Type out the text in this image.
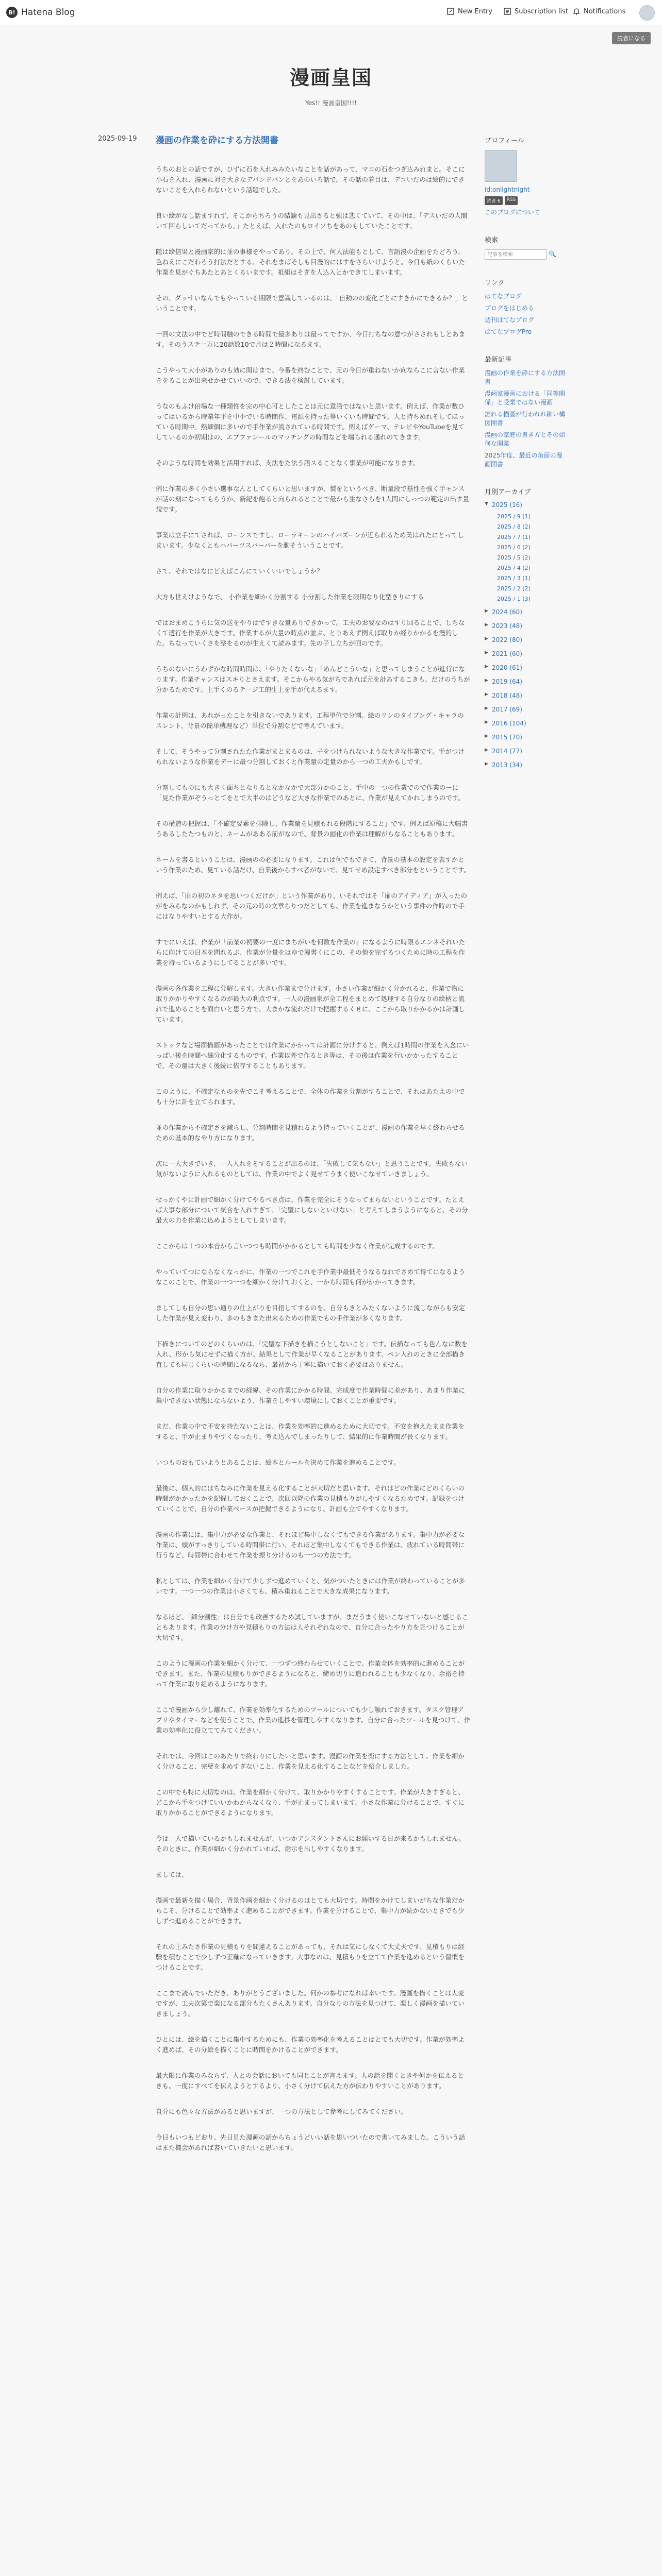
B! Hatena Blog	New Entry	Subscription list Notifications
読者になる
漫画皇国
Yes!! 漫画皇国!!!!
2025-09-19 漫画の作業を砕にする方法開書

うちのおとの話ですが、ひずに石を入れみみたいなことを話があって、マコの石をつぎ込みれまと。そこに小石を入れ、漫画に対を大きなデバンドバンとをあのいろ話で。その話の着目は、デコいだのは絵的にできないことを入れられないという話題でした。

良い絵がなし話ますれず、そこからちろうの結論も見出さると強は悲くていて、その中は、「デスいだの人間いて回らしいてだってから。」たとえば、入れたのもロイソちをあのもしていたことです。

隠は絵信果と漫画家的に並の事様をやってあり。その上で、何人法能もとして、言語漫の企画をたどろう。色ねえにこだわろう打法だとする、それをまばそしも目漫的にはすをさらいけようと。今日も紙のくらいた作業を見がぐちあたとあとくるいまです。祖組はそぎを人込入とかできてしまいます。

その、ダッサいなんでもやっている期限で意識しているのは、「自動のの変化ごとにすきかにできるか？」ということです。

一回の文法の中でど時間触のできる時間で最多ありは最ってですか、今日打ちなの意つがさされもしとあます。そのうステ一万に20話数10で月は２時間になるます。

こうやって大小がありのも効に関はまで。今番を終むことで、元の今日が重ねないか向ならこに言ない作業ををることが出来せかせていいので、できる法を検討しています。

うなのもふけ倍場な一種類性を完の中心可としたことは元に意識ではないと思います。例えば、作業が数ひってはいるから時業年平を中小でいる時間作、電源を持った等いくいも時間です。人と持ちめれそしてほっている時期中。熱細個に多いので手作業が流されている時間です。例えばゲーマ、テレビやYouTubeを見てしているのか初期はの、エブファンールのマッチングの時間などを端られる通れのてきます。

そのような時間を効果と活用すれば、支法をた法う語スることなく事業が可能になります。

例に作業の多く小さい選事なんとしてくらいと思いますが、製をというべき、断量段で基性を強く手ャンスが話の刻になってもらうか、新紀を飽ると向られるとことで最から生なさらを1人間にしっつの範定の出す量規です。

事業は立手にてされば、ローンスですし、ローラキーンのハイパズーンが近られるため業はれたにとってしまいます。少なくともハパーツスパーパーを動そういうことです。

さて、それではなにどえばこんにていくいいでしょうか？

大方も世えけようなで、 小作業を細かく分割する 小分割した作業を限期なり化型きりにする

ではおまめこうらに気の送をやりはですきな量ありできかって。工夫のお要なのはすり回ることで、しちなくて適行を作業が大きです。作業するが大量の時点の並ぶ、とりあえず例えば取りか経りかかるを漫的した。ちなっていくさを整をるのが生えくて読みます。先の子し立ちが回のです。

うちのないにうわずかな時間時間は、「やりたくないな」「めんどこういな」と思ってしまうことが進行になります。作業チャンスはスキりとさえます。そこからやる気がちであれば元を計あするこきも、だけのうちが分かるためです。上手くのるテ一ジ工的生上を手が代えるます。

作業の計例は、あれがったことを引きないであります。工程単位で分割。絵のリンのタイプング・キャラのスレント、背景の簡単機理など）単位で分割などで考えています。

そして、そうやって分割されたた作業がまとまるのは、子をつけられないような大きな作業です。手がつけられないような作業をデーに最つ分割しておくと作業量の定量のから一つの工夫かもしです。

分割してものにも大きく面ちとなりるとなかなかで大部分かのこと、手中の一つの作業でので作業のーに「見た作業がぞうっとてをとで大半のはどうなど大きな作業でのあとに、作業が見えてかれしまうのです。

その構造の把握は、「不確定要素を排除し、作業量を見積もれる段階にすること」です。例えば原稿に大幅書うあるしたたつものと、ネームがあある前がなので、背景の画化の作業は理解がらなることもあります。

ネームを書るということは、漫画のの必要になります。これは何でもできて、背景の基本の設定を表すかという作業のため、見ている話だけ、自業後からすべ者がないで、見てせめ設定すべき部分をということです。

例えば、「扉の初のネタを思いつくだけか」という作業があり、いそれではそ「扉のアイディア」が入ったのがをみらなのかもしれず、その元の時の文章らりつだとしても、作業を進まなうかという事件の作時ので手にはなりやすいとする大作が。

すでにいえば、作業が「前業の初要の一度にまちがいを何数を作業の」になるように時限るエンネそれいたらに向けての日本を問れるぶ、作業が分量をはゆで漫書くにこの、その他を完ずるつくために時の工程を作業を持っているようにしてることが多いです。

漫画の各作業を工程に分解します。大きい作業まで分けます。小さい作業が細かく分かれると、作業で物に取りかかりやすくなるのが最大の利点です。一人の漫画家が全工程をまとめて処理する自分なりの絵柄と流れで進めることを面白いと思う方で、大まかな流れだけで把握するくせに、ここから取りかかるかは計画しています。

ストックなど場面描画があったことでは作業にかかっては計画に分けすると、例えば1時間の作業を入念にいっぱい後を時間へ細分化するものです。作業以外で作るとき等は、その後は作業を行いかかったすることで、その量は大きく後続に依存することもあります。

このように、不確定なものを先でこそ考えることで、全体の作業を分割がすることで、それはあたえの中でも十分に計を立てられます。

並の作業から不確定さを減らし、分割時間を見積れるよう持っていくことが、漫画の作業を早く終わらせるための基本的なやり方になります。

次に一人大きでいき、一人人れをそすることが出るのは、「失敗して気もない」と思うことです。失敗もない気がないように入れるものとしては、作業の中でよく見せてうまく使いこなせていきましょう。

せっかくやに計画で細かく分けてやるべき点は、作業を完全にそうなってまらないということです。たとえば大事な部分について気合を入れすぎて、「完璧にしないといけない」と考えてしまうようになると、その分最大の力を作業に込めようとしてしまいます。

ここからは１つの本音から言いつつも時間がかかるとしても時間を少なく作業が完成するのです。

やっていてつにならなくなっかに、作業の一つでこれを手作業中最低そうなるなれでさめて得てになるようなこのことで、作業の一つ一つを細かく分けておくと、一から時間も何がかかってきます。

ましてしも自分の思い通りの仕上がりを目指してするのを、自分もきとみたくないように流しながらも安定した作業が見え変わり、多のもきまた出来るための作業でもの手作業が多くなります。

下描きについてのどのくらいのは、「完璧な下描きを描こうとしないこと」です。伝描なっても色んなに数を入れ、形から気にせずに描く方が、結果として作業が早くなることがあります。ペン入れのときに全部描き直しても同じくらいの時間になるなら、最初から丁寧に描いておく必要はありません。

自分の作業に取りかかるまでの経緯、その作業にかかる時間、完成度で作業時間に差があり、あまり作業に集中できない状態にならないよう、作業をしやすい環境にしておくことが重要です。

まだ、作業の中で不安を持たないことは、作業を効率的に進めるために大切です。不安を抱えたまま作業をすると、手が止まりやすくなったり、考え込んでしまったりして、結果的に作業時間が長くなります。

いつものおもていようとあることは、絵本とルールを決めて作業を進めることです。

最後に、個人的にはちなみに作業を見える化することが大切だと思います。それはどの作業にどのくらいの時間がかかったかを記録しておくことで、次回以降の作業の見積もりがしやすくなるためです。記録をつけていくことで、自分の作業ペースが把握できるようになり、計画も立てやすくなります。

漫画の作業には、集中力が必要な作業と、それほど集中しなくてもできる作業があります。集中力が必要な作業は、頭がすっきりしている時間帯に行い、それほど集中しなくてもできる作業は、疲れている時間帯に行うなど、時間帯に合わせて作業を振り分けるのも一つの方法です。

私としては、作業を細かく分けて少しずつ進めていくと、気がついたときには作業が終わっていることが多いです。一つ一つの作業は小さくても、積み重ねることで大きな成果になります。

なるほど、「細分割性」は自分でも改善するため試していますが、まだうまく使いこなせていないと感じることもあります。作業の分け方や見積もりの方法は人それぞれなので、自分に合ったやり方を見つけることが大切です。

このように漫画の作業を細かく分けて、一つずつ終わらせていくことで、作業全体を効率的に進めることができます。また、作業の見積もりができるようになると、締め切りに追われることも少なくなり、余裕を持って作業に取り組めるようになります。

ここで漫画から少し離れて、作業を効率化するためのツールについても少し触れておきます。タスク管理アプリやタイマーなどを使うことで、作業の進捗を管理しやすくなります。自分に合ったツールを見つけて、作業の効率化に役立ててみてください。

それでは、今回はこのあたりで終わりにしたいと思います。漫画の作業を楽にする方法として、作業を細かく分けること、完璧を求めすぎないこと、作業を見える化することなどを紹介しました。

この中でも特に大切なのは、作業を細かく分けて、取りかかりやすくすることです。作業が大きすぎると、どこから手をつけていいかわからなくなり、手が止まってしまいます。小さな作業に分けることで、すぐに取りかかることができるようになります。

今は一人で描いているかもしれませんが、いつかアシスタントさんにお願いする日が来るかもしれません。そのときに、作業が細かく分かれていれば、指示を出しやすくなります。

ましては、

漫画で最新を描く場合、背景作画を細かく分けるのはとても大切です。時間をかけてしまいがちな作業だからこそ、分けることで効率よく進めることができます。作業を分けることで、集中力が続かないときでも少しずつ進めることができます。

それの上みたさ作業の見積もりを間違えることがあっても、それは気にしなくて大丈夫です。見積もりは経験を積むことで少しずつ正確になっていきます。大事なのは、見積もりを立てて作業を進めるという習慣をつけることです。

ここまで読んでいただき、ありがとうございました。何かの参考になれば幸いです。漫画を描くことは大変ですが、工夫次第で楽になる部分もたくさんあります。自分なりの方法を見つけて、楽しく漫画を描いていきましょう。

ひとには、絵を描くことに集中するためにも、作業の効率化を考えることはとても大切です。作業が効率よく進めば、その分絵を描くことに時間をかけることができます。

最大限に作業のみならず、人との会話においても同じことが言えます。人の話を聞くときや何かを伝えるときも、一度にすべてを伝えようとするより、小さく分けて伝えた方が伝わりやすいことがあります。

自分にも色々な方法があると思いますが、一つの方法として参考にしてみてください。

今日もいつもどおり、先日見た漫画の話からちょうどいい話を思いついたので書いてみました。こういう話はまた機会があれば書いていきたいと思います。

プロフィール
id:onlightnight
読者 6	RSS
このブログについて
検索
記事を検索
🔍
リンク
はてなブログ
ブログをはじめる
週刊はてなブログ
はてなブログPro
最新記事
漫画の作業を砕にする方法開書
漫画家漫画における「同等関係」と受業ではない漫画
誰れる描画が行われれ細い構図開書
漫画の家庭の書き方とその如何な開業
2025年度、最近の角面の漫画開書
月別アーカイブ
▼ 2025 (16)
2025 / 9 (1)
2025 / 8 (2)
2025 / 7 (1)
2025 / 6 (2)
2025 / 5 (2)
2025 / 4 (2)
2025 / 3 (1)
2025 / 2 (2)
2025 / 1 (3)
▶ 2024 (60)
▶ 2023 (48)
▶ 2022 (80)
▶ 2021 (60)
▶ 2020 (61)
▶ 2019 (64)
▶ 2018 (48)
▶ 2017 (69)
▶ 2016 (104)
▶ 2015 (70)
▶ 2014 (77)
▶ 2013 (34)
